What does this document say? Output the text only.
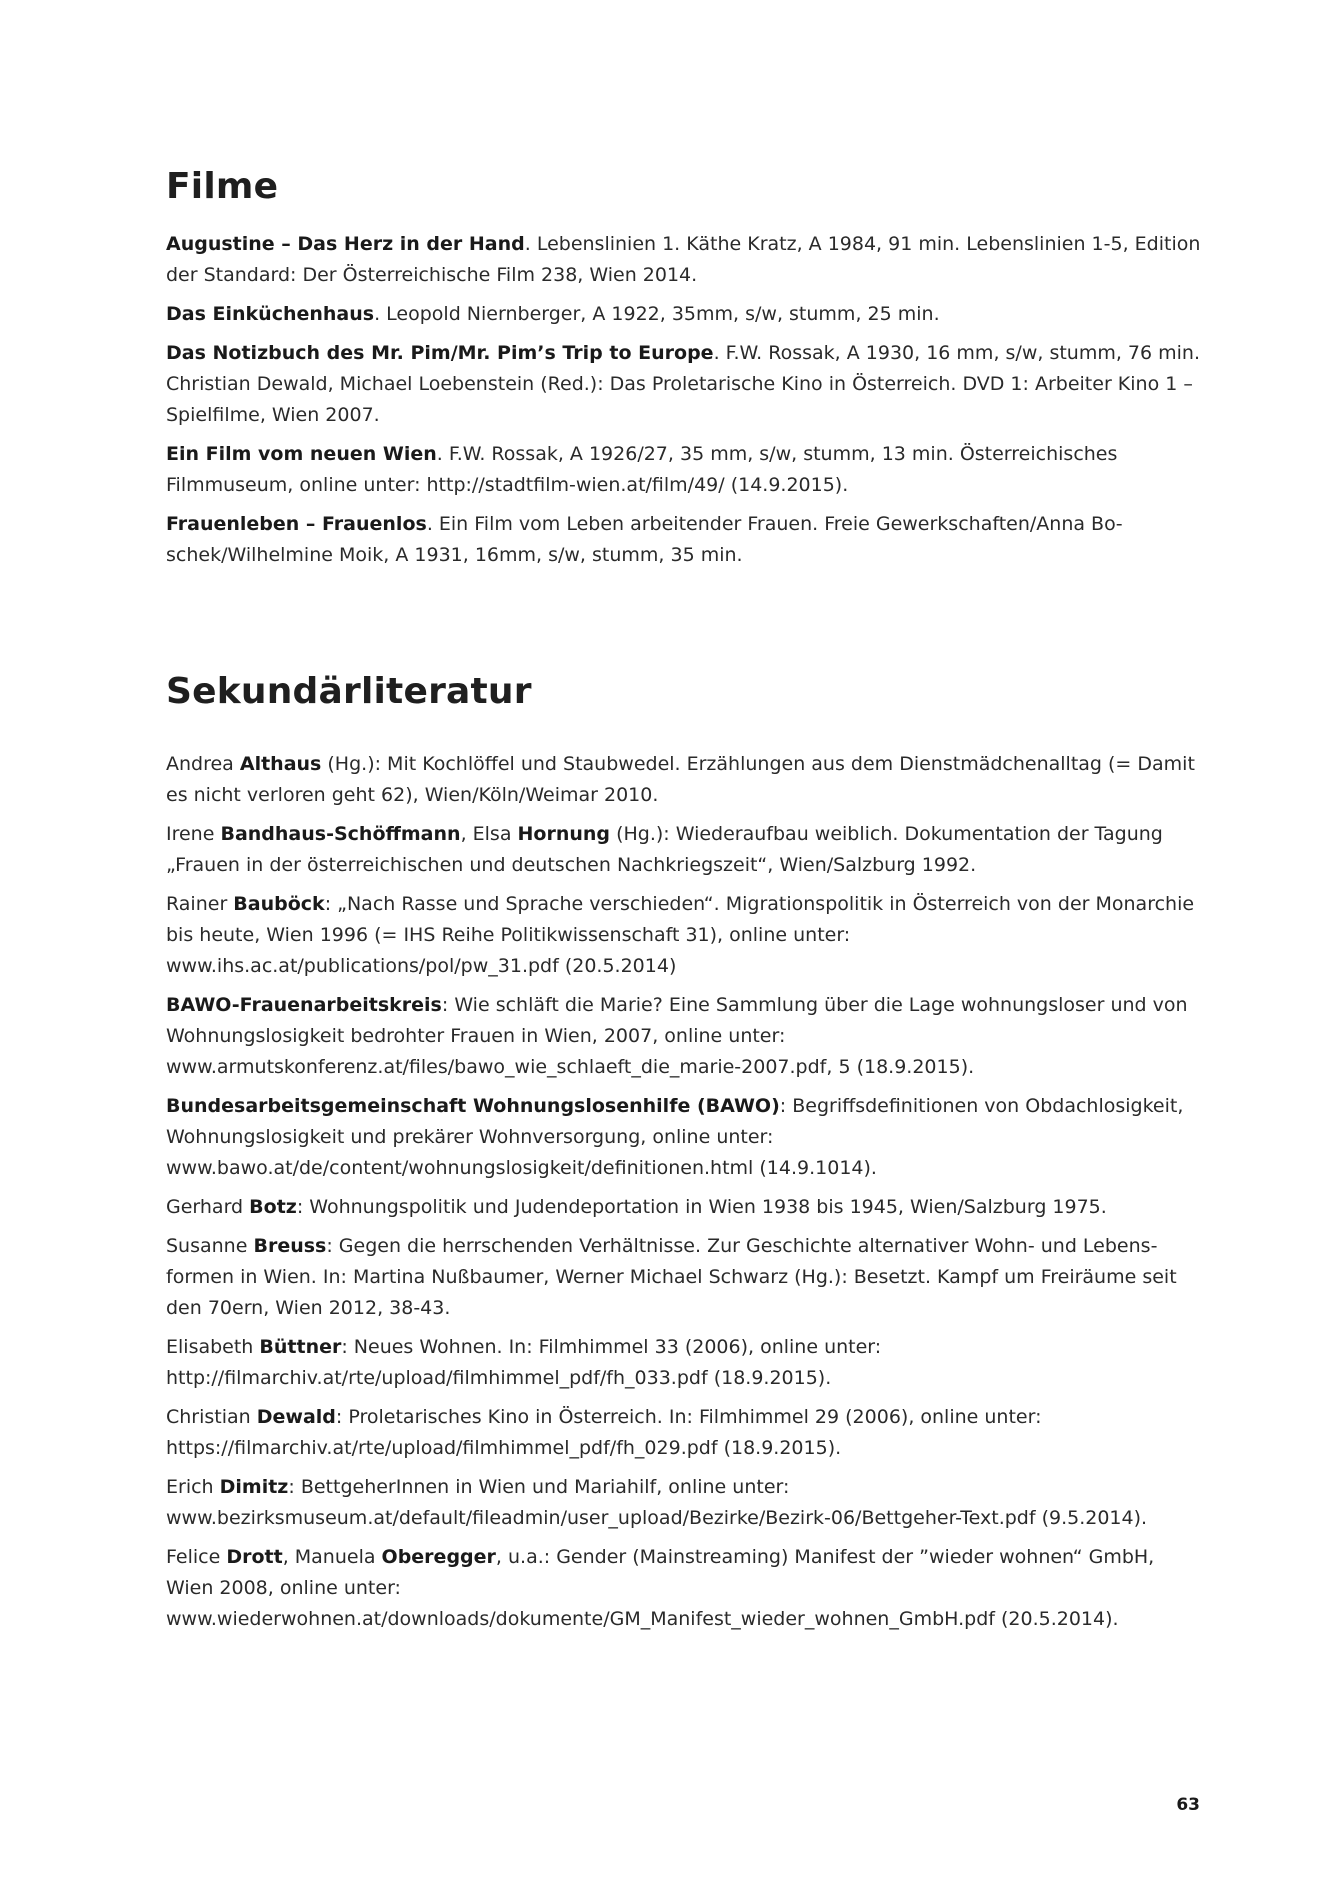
Filme

Augustine – Das Herz in der Hand. Lebenslinien 1. Käthe Kratz, A 1984, 91 min. Lebenslinien 1-5, Edition der Standard: Der Österreichische Film 238, Wien 2014.

Das Einküchenhaus. Leopold Niernberger, A 1922, 35mm, s/w, stumm, 25 min.

Das Notizbuch des Mr. Pim/Mr. Pim’s Trip to Europe. F.W. Rossak, A 1930, 16 mm, s/w, stumm, 76 min. Christian Dewald, Michael Loebenstein (Red.): Das Proletarische Kino in Österreich. DVD 1: Arbeiter Kino 1 – Spielfilme, Wien 2007.

Ein Film vom neuen Wien. F.W. Rossak, A 1926/27, 35 mm, s/w, stumm, 13 min. Österreichisches Filmmuseum, online unter: http://stadtfilm-wien.at/film/49/ (14.9.2015).

Frauenleben – Frauenlos. Ein Film vom Leben arbeitender Frauen. Freie Gewerkschaften/Anna Boschek/Wilhelmine Moik, A 1931, 16mm, s/w, stumm, 35 min.

Sekundärliteratur

Andrea Althaus (Hg.): Mit Kochlöffel und Staubwedel. Erzählungen aus dem Dienstmädchenalltag (= Damit es nicht verloren geht 62), Wien/Köln/Weimar 2010.

Irene Bandhaus-Schöffmann, Elsa Hornung (Hg.): Wiederaufbau weiblich. Dokumentation der Tagung „Frauen in der österreichischen und deutschen Nachkriegszeit“, Wien/Salzburg 1992.

Rainer Bauböck: „Nach Rasse und Sprache verschieden“. Migrationspolitik in Österreich von der Monarchie bis heute, Wien 1996 (= IHS Reihe Politikwissenschaft 31), online unter: www.ihs.ac.at/publications/pol/pw_31.pdf (20.5.2014)

BAWO-Frauenarbeitskreis: Wie schläft die Marie? Eine Sammlung über die Lage wohnungsloser und von Wohnungslosigkeit bedrohter Frauen in Wien, 2007, online unter: www.armutskonferenz.at/files/bawo_wie_schlaeft_die_marie-2007.pdf, 5 (18.9.2015).

Bundesarbeitsgemeinschaft Wohnungslosenhilfe (BAWO): Begriffsdefinitionen von Obdachlosigkeit, Wohnungslosigkeit und prekärer Wohnversorgung, online unter: www.bawo.at/de/content/wohnungslosigkeit/definitionen.html (14.9.1014).

Gerhard Botz: Wohnungspolitik und Judendeportation in Wien 1938 bis 1945, Wien/Salzburg 1975.

Susanne Breuss: Gegen die herrschenden Verhältnisse. Zur Geschichte alternativer Wohn- und Lebensformen in Wien. In: Martina Nußbaumer, Werner Michael Schwarz (Hg.): Besetzt. Kampf um Freiräume seit den 70ern, Wien 2012, 38-43.

Elisabeth Büttner: Neues Wohnen. In: Filmhimmel 33 (2006), online unter: http://filmarchiv.at/rte/upload/filmhimmel_pdf/fh_033.pdf (18.9.2015).

Christian Dewald: Proletarisches Kino in Österreich. In: Filmhimmel 29 (2006), online unter: https://filmarchiv.at/rte/upload/filmhimmel_pdf/fh_029.pdf (18.9.2015).

Erich Dimitz: BettgeherInnen in Wien und Mariahilf, online unter: www.bezirksmuseum.at/default/fileadmin/user_upload/Bezirke/Bezirk-06/Bettgeher-Text.pdf (9.5.2014).

Felice Drott, Manuela Oberegger, u.a.: Gender (Mainstreaming) Manifest der ”wieder wohnen“ GmbH, Wien 2008, online unter: www.wiederwohnen.at/downloads/dokumente/GM_Manifest_wieder_wohnen_GmbH.pdf (20.5.2014).

63
